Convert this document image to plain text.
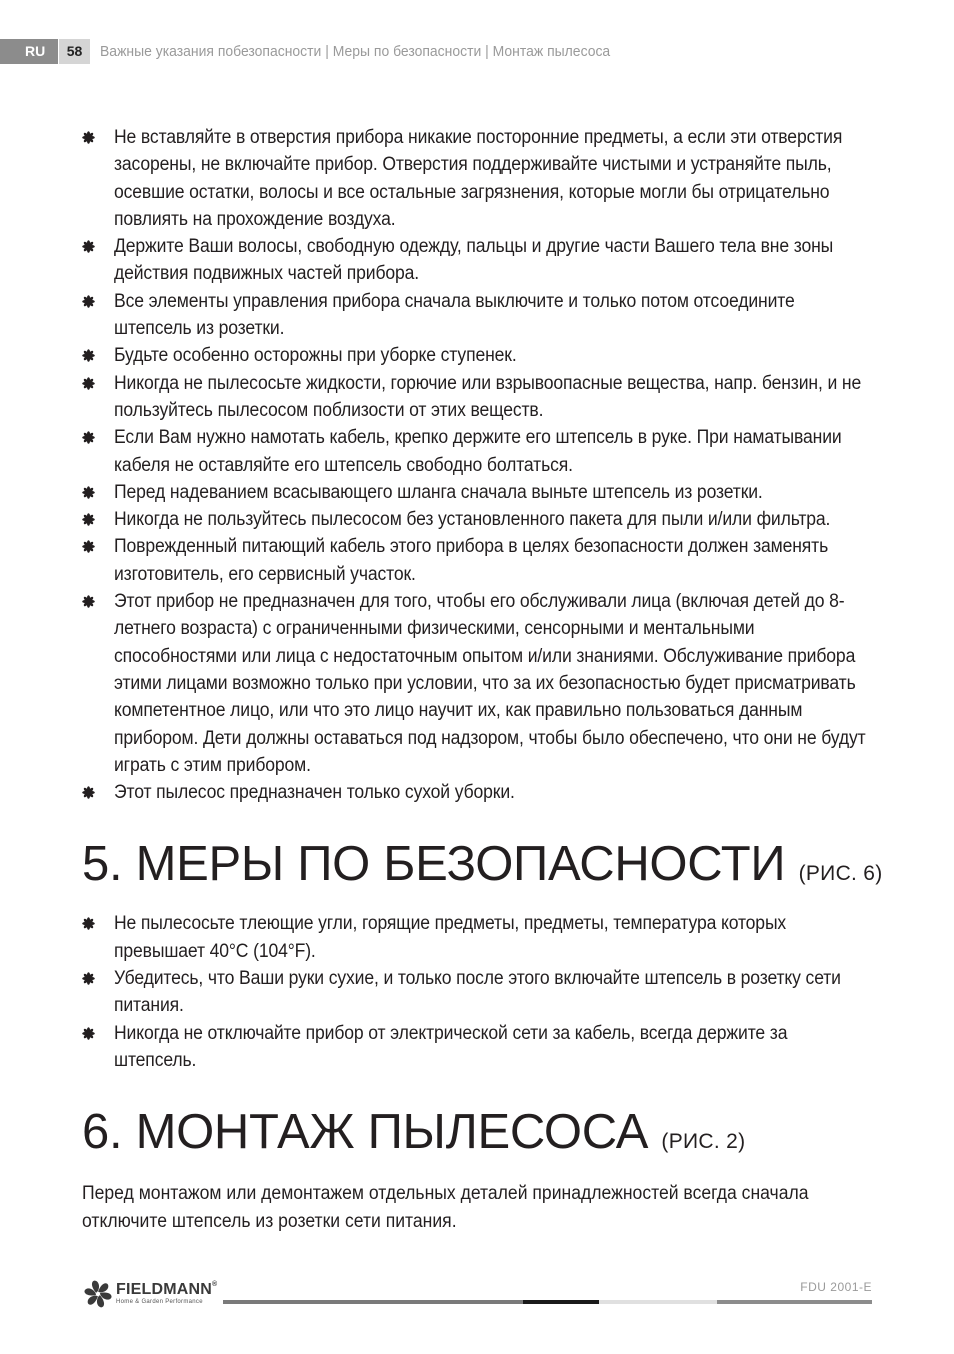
RU	58	Важные указания побезопасности | Меры по безопасности | Монтаж пылесоса
Не вставляйте в отверстия прибора никакие посторонние предметы, а если эти отверстия засорены, не включайте прибор. Отверстия поддерживайте чистыми и устраняйте пыль, осевшие остатки, волосы и все остальные загрязнения, которые могли бы отрицательно повлиять на прохождение воздуха.
Держите Ваши волосы, свободную одежду, пальцы и другие части Вашего тела вне зоны действия подвижных частей прибора.
Все элементы управления прибора сначала выключите и только потом отсоедините штепсель из розетки.
Будьте особенно осторожны при уборке ступенек.
Никогда не пылесосьте жидкости, горючие или взрывоопасные вещества, напр. бензин, и не пользуйтесь пылесосом поблизости от этих веществ.
Если Вам нужно намотать кабель, крепко держите его штепсель в руке. При наматывании кабеля не оставляйте его штепсель свободно болтаться.
Перед надеванием всасывающего шланга сначала выньте штепсель из розетки.
Никогда не пользуйтесь пылесосом без установленного пакета для пыли и/или фильтра.
Поврежденный питающий кабель этого прибора в целях безопасности должен заменять изготовитель, его сервисный участок.
Этот прибор не предназначен для того, чтобы его обслуживали лица (включая детей до 8-летнего возраста) с ограниченными физическими, сенсорными и ментальными способностями или лица с недостаточным опытом и/или знаниями. Обслуживание прибора этими лицами возможно только при условии, что за их безопасностью будет присматривать компетентное лицо, или что это лицо научит их, как правильно пользоваться данным прибором. Дети должны оставаться под надзором, чтобы было обеспечено, что они не будут играть с этим прибором.
Этот пылесос предназначен только сухой уборки.
5. МЕРЫ ПО БЕЗОПАСНОСТИ (РИС. 6)
Не пылесосьте тлеющие угли, горящие предметы, предметы, температура которых превышает 40°C (104°F).
Убедитесь, что Ваши руки сухие, и только после этого включайте штепсель в розетку сети питания.
Никогда не отключайте прибор от электрической сети за кабель, всегда держите за штепсель.
6. МОНТАЖ ПЫЛЕСОСА (РИС. 2)

Перед монтажом или демонтажем отдельных деталей принадлежностей всегда сначала отключите штепсель из розетки сети питания.

FIELDMANN®
Home & Garden Performance
FDU 2001-E
